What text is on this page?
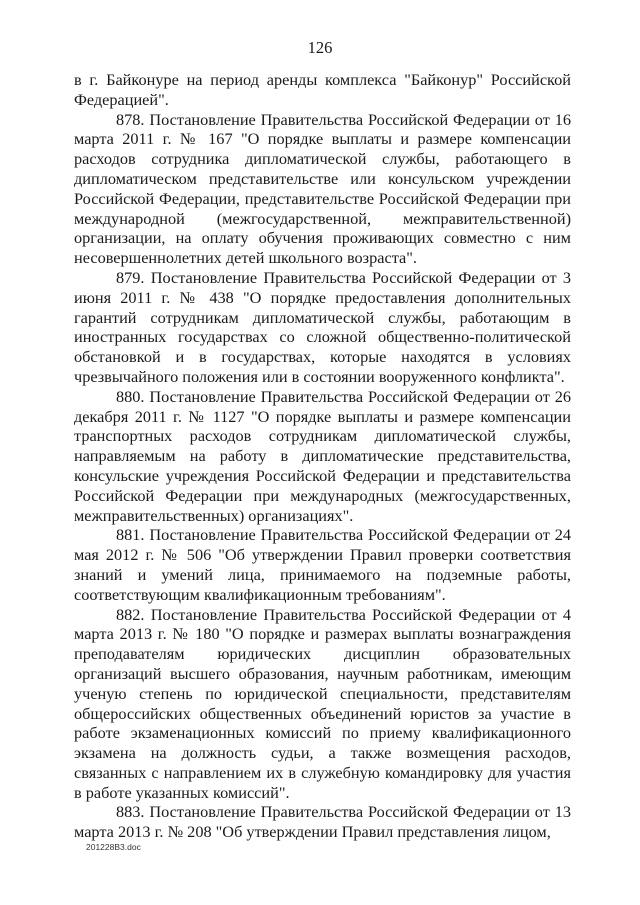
126

в г. Байконуре на период аренды комплекса "Байконур" Российской Федерацией".

878. Постановление Правительства Российской Федерации от 16 марта 2011 г. № 167 "О порядке выплаты и размере компенсации расходов сотрудника дипломатической службы, работающего в дипломатическом представительстве или консульском учреждении Российской Федерации, представительстве Российской Федерации при международной (межгосударственной, межправительственной) организации, на оплату обучения проживающих совместно с ним несовершеннолетних детей школьного возраста".

879. Постановление Правительства Российской Федерации от 3 июня 2011 г. № 438 "О порядке предоставления дополнительных гарантий сотрудникам дипломатической службы, работающим в иностранных государствах со сложной общественно-политической обстановкой и в государствах, которые находятся в условиях чрезвычайного положения или в состоянии вооруженного конфликта".

880. Постановление Правительства Российской Федерации от 26 декабря 2011 г. № 1127 "О порядке выплаты и размере компенсации транспортных расходов сотрудникам дипломатической службы, направляемым на работу в дипломатические представительства, консульские учреждения Российской Федерации и представительства Российской Федерации при международных (межгосударственных, межправительственных) организациях".

881. Постановление Правительства Российской Федерации от 24 мая 2012 г. № 506 "Об утверждении Правил проверки соответствия знаний и умений лица, принимаемого на подземные работы, соответствующим квалификационным требованиям".

882. Постановление Правительства Российской Федерации от 4 марта 2013 г. № 180 "О порядке и размерах выплаты вознаграждения преподавателям юридических дисциплин образовательных организаций высшего образования, научным работникам, имеющим ученую степень по юридической специальности, представителям общероссийских общественных объединений юристов за участие в работе экзаменационных комиссий по приему квалификационного экзамена на должность судьи, а также возмещения расходов, связанных с направлением их в служебную командировку для участия в работе указанных комиссий".

883. Постановление Правительства Российской Федерации от 13 марта 2013 г. № 208 "Об утверждении Правил представления лицом,

201228В3.doc
